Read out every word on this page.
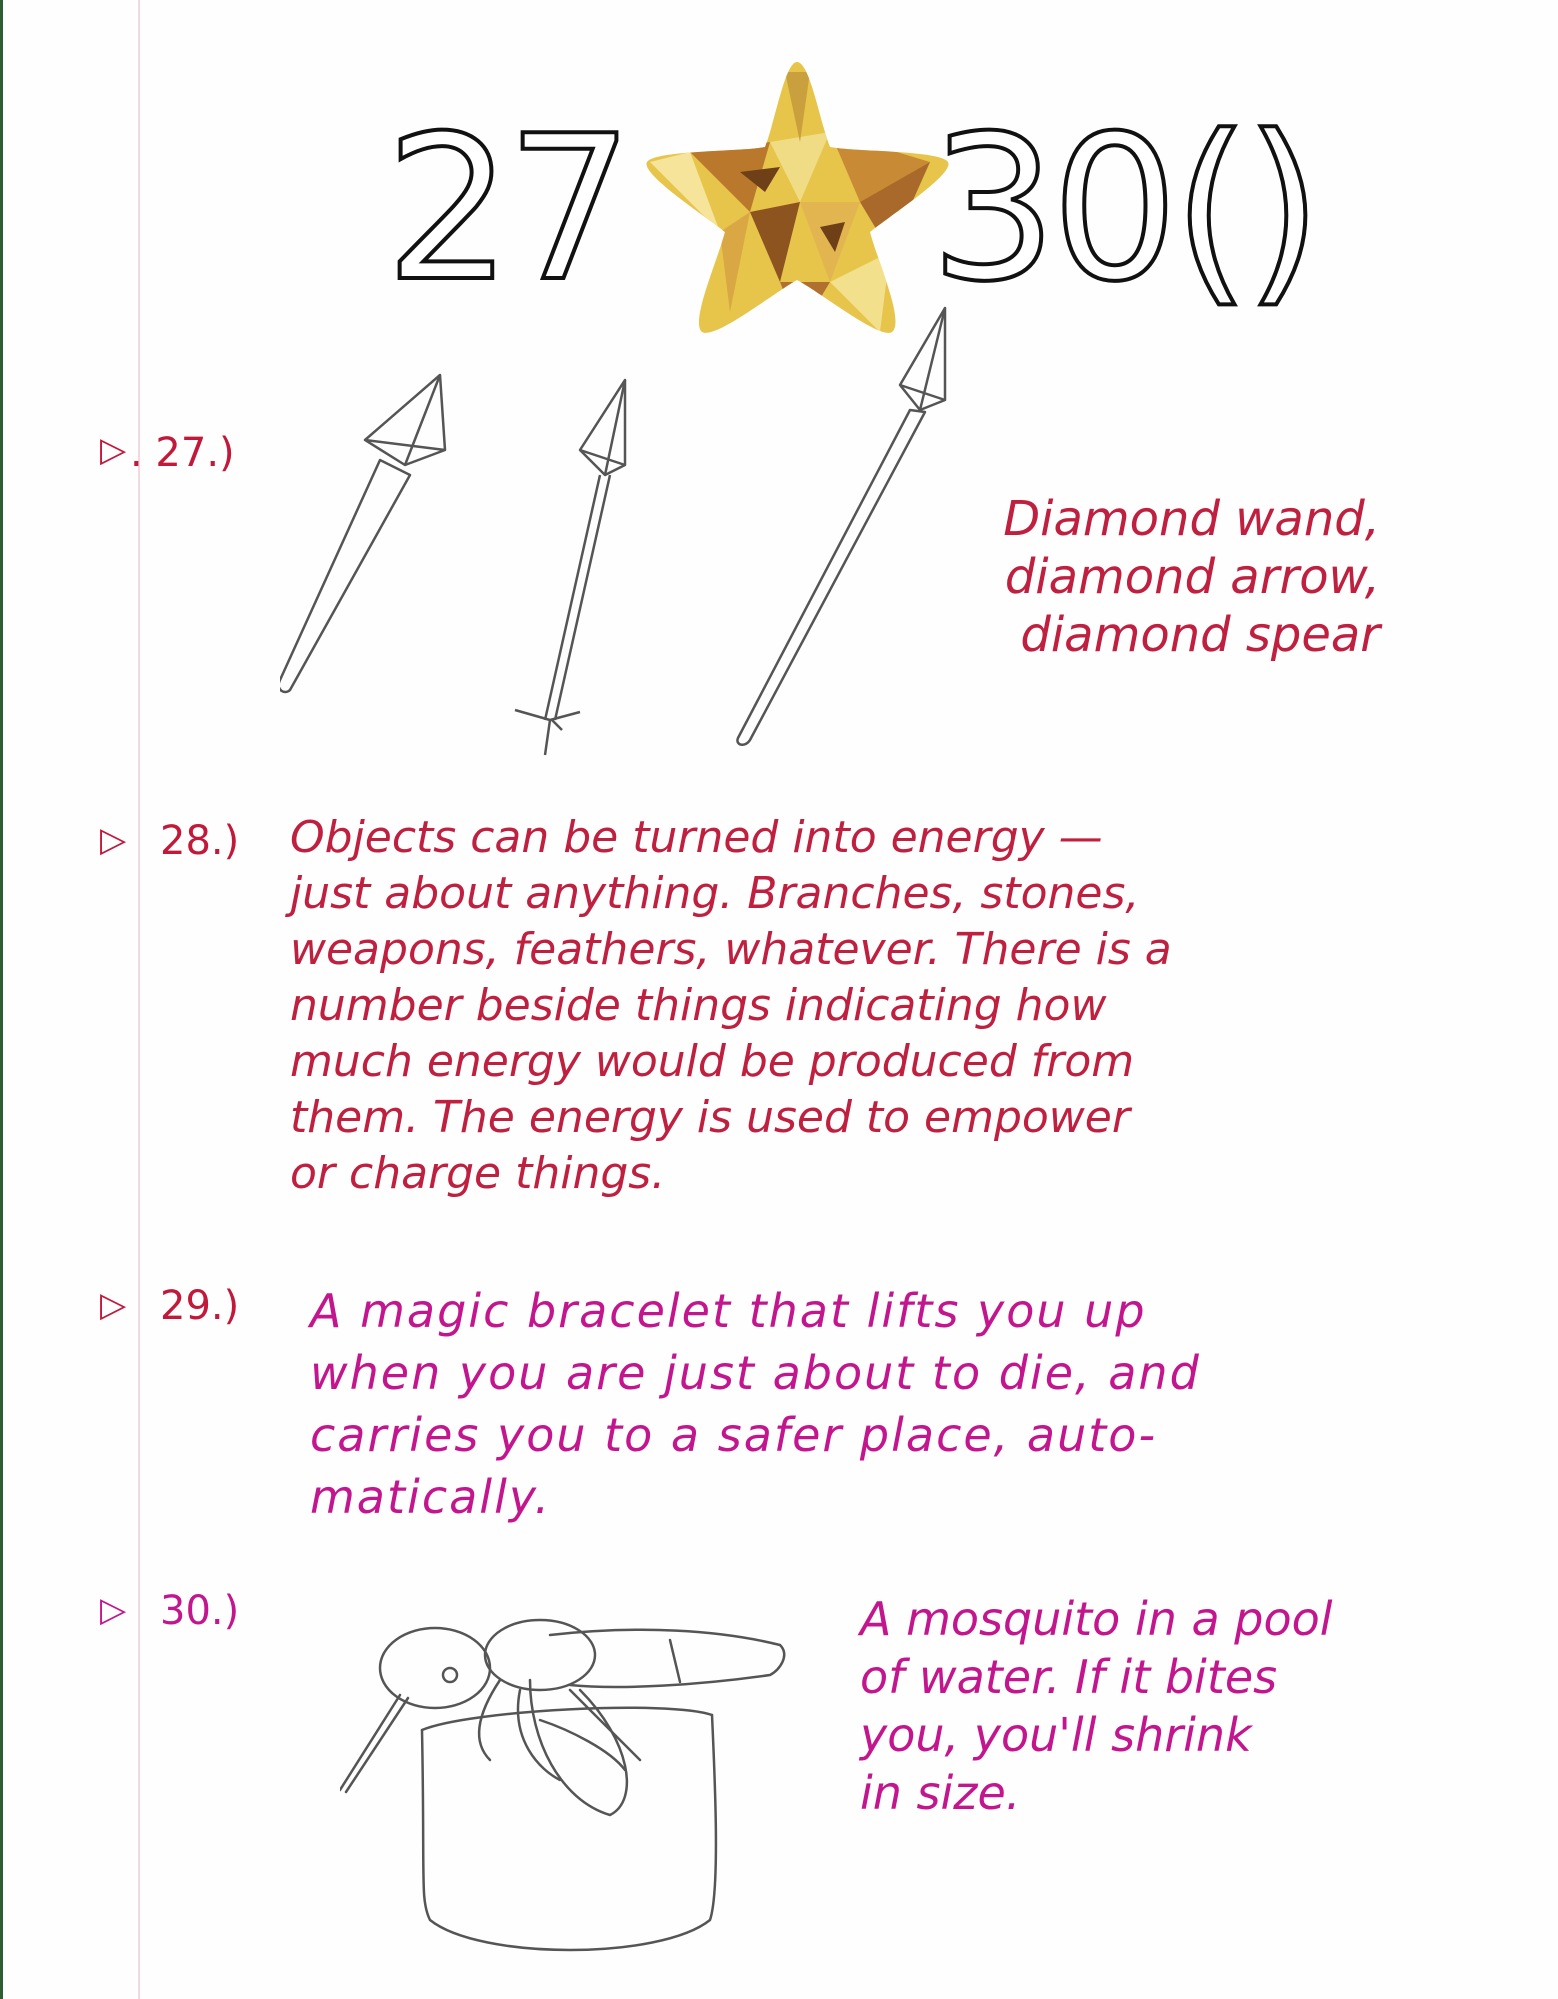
27 30()
▷ . 27.)
Diamond wand,
diamond arrow,
diamond spear
▷ 28.) Objects can be turned into energy —
just about anything. Branches, stones,
weapons, feathers, whatever. There is a
number beside things indicating how
much energy would be produced from
them. The energy is used to empower
or charge things.
▷ 29.) A magic bracelet that lifts you up
when you are just about to die, and
carries you to a safer place, auto-
matically.
▷ 30.)	A mosquito in a pool
of water. If it bites
you, you'll shrink
in size.
